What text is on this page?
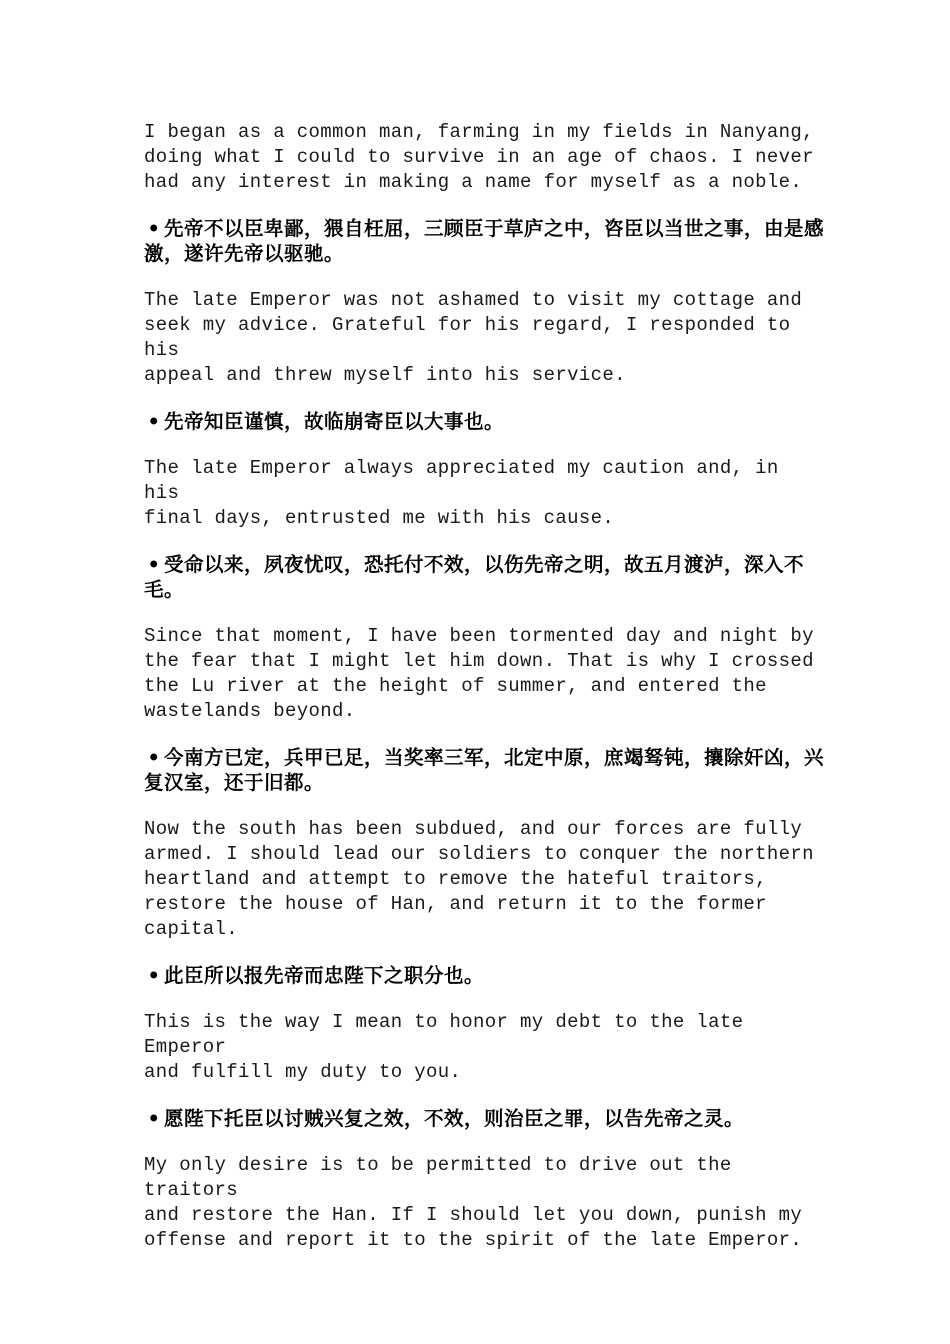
I began as a common man, farming in my fields in Nanyang,
doing what I could to survive in an age of chaos. I never
had any interest in making a name for myself as a noble.

• 先帝不以臣卑鄙，猥自枉屈，三顾臣于草庐之中，咨臣以当世之事，由是感激，遂许先帝以驱驰。

The late Emperor was not ashamed to visit my cottage and
seek my advice. Grateful for his regard, I responded to his
appeal and threw myself into his service.

• 先帝知臣谨慎，故临崩寄臣以大事也。

The late Emperor always appreciated my caution and, in his
final days, entrusted me with his cause.

• 受命以来，夙夜忧叹，恐托付不效，以伤先帝之明，故五月渡泸，深入不毛。

Since that moment, I have been tormented day and night by
the fear that I might let him down. That is why I crossed
the Lu river at the height of summer, and entered the
wastelands beyond.

• 今南方已定，兵甲已足，当奖率三军，北定中原，庶竭驽钝，攘除奸凶，兴复汉室，还于旧都。

Now the south has been subdued, and our forces are fully
armed. I should lead our soldiers to conquer the northern
heartland and attempt to remove the hateful traitors,
restore the house of Han, and return it to the former
capital.

• 此臣所以报先帝而忠陛下之职分也。

This is the way I mean to honor my debt to the late Emperor
and fulfill my duty to you.

• 愿陛下托臣以讨贼兴复之效，不效，则治臣之罪，以告先帝之灵。

My only desire is to be permitted to drive out the traitors
and restore the Han. If I should let you down, punish my
offense and report it to the spirit of the late Emperor.
